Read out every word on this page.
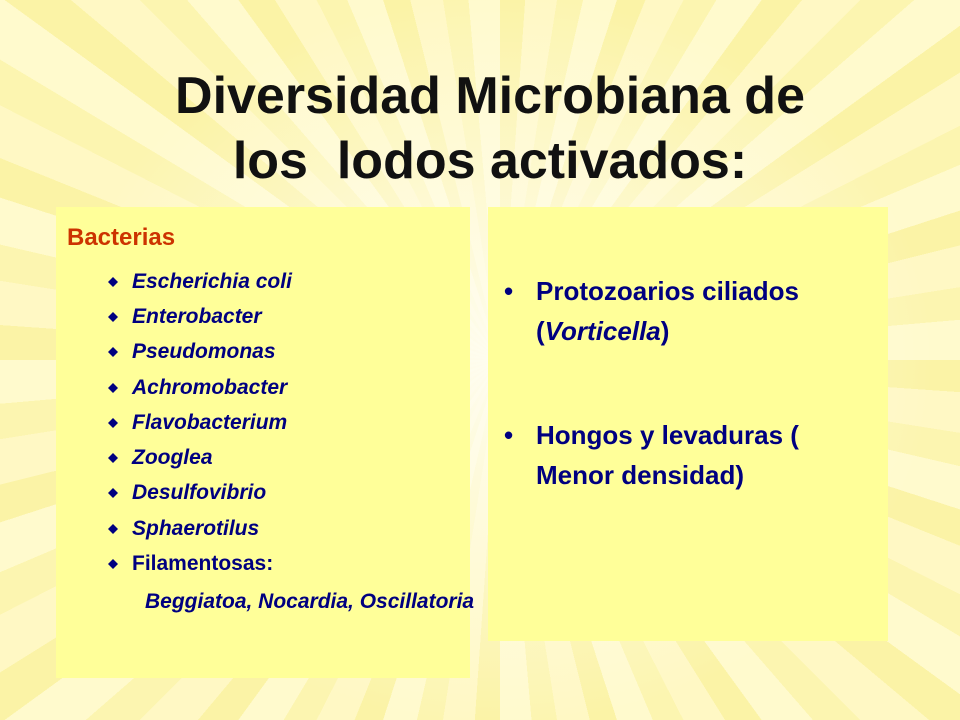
Diversidad Microbiana de
los  lodos activados:
Bacterias
Escherichia coli
Enterobacter
Pseudomonas
Achromobacter
Flavobacterium
Zooglea
Desulfovibrio
Sphaerotilus
Filamentosas:
Beggiatoa, Nocardia, Oscillatoria
• Protozoarios ciliados (Vorticella)
• Hongos y levaduras ( Menor densidad)
